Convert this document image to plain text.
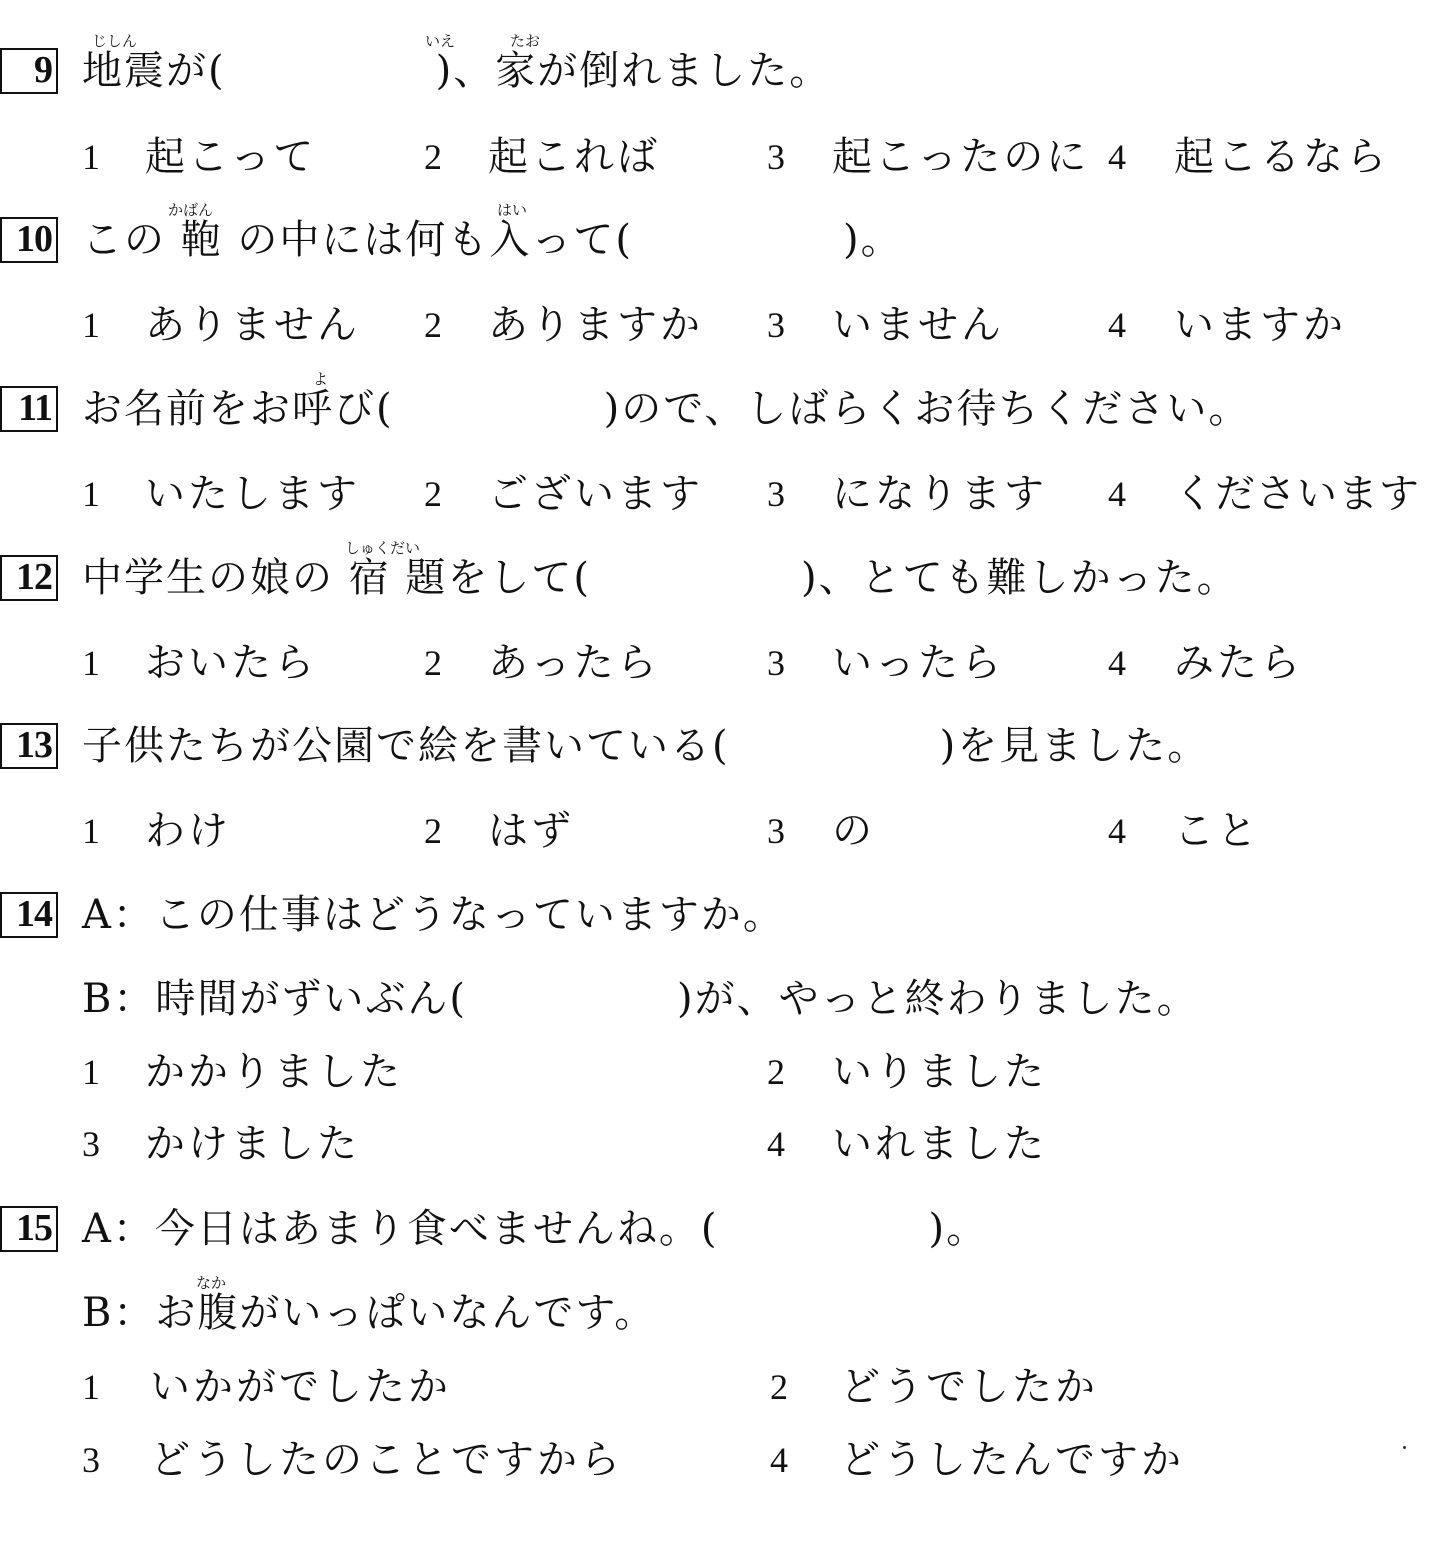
9
じしん	いえ	たお
地震が(　　　　　)、家が倒れました。
1 起こって	2 起これば	3 起こったのに 4 起こるなら
10
かばん	はい
この 鞄 の中には何も入って(　　　　　)。
1 ありません 2 ありますか 3 いません	4 いますか
11
よ
お名前をお呼び(　　　　　)ので、しばらくお待ちください。
1 いたします 2 ございます 3 になります 4 くださいます
12
しゅくだい
中学生の娘の 宿 題をして(　　　　　)、とても難しかった。
1 おいたら	2 あったら	3 いったら	4 みたら
13 子供たちが公園で絵を書いている(　　　　　)を見ました。
1 わけ	2 はず	3 の	4 こと
14 A：この仕事はどうなっていますか。
B：時間がずいぶん(　　　　　)が、やっと終わりました。
1 かかりました	2 いりました
3 かけました	4 いれました
15 A：今日はあまり食べませんね。(　　　　　)。
なか
B：お腹がいっぱいなんです。
1 いかがでしたか	2 どうでしたか
3 どうしたのことですから	4 どうしたんですか
